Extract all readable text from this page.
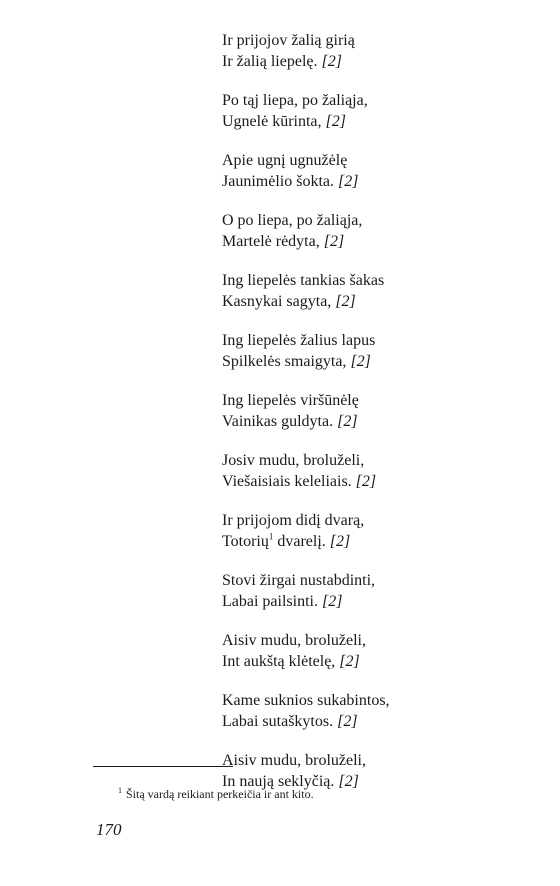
Ir prijojov žalią girią
Ir žalią liepelę. [2]
Po tąj liepa, po žaliąja,
Ugnelė kūrinta, [2]
Apie ugnį ugnužėlę
Jaunimėlio šokta. [2]
O po liepa, po žaliąja,
Martelė rėdyta, [2]
Ing liepelės tankias šakas
Kasnykai sagyta, [2]
Ing liepelės žalius lapus
Spilkelės smaigyta, [2]
Ing liepelės viršūnėlę
Vainikas guldyta. [2]
Josiv mudu, broluželi,
Viešaisiais keleliais. [2]
Ir prijojom didį dvarą,
Totorių$^1$ dvarelį. [2]
Stovi žirgai nustabdinti,
Labai pailsinti. [2]
Aisiv mudu, broluželi,
Int aukštą klėtelę, [2]
Kame suknios sukabintos,
Labai sutaškytos. [2]
Aisiv mudu, broluželi,
In naują seklyčią. [2]
$^1$ Šitą vardą reikiant perkeičia ir ant kito.
170
